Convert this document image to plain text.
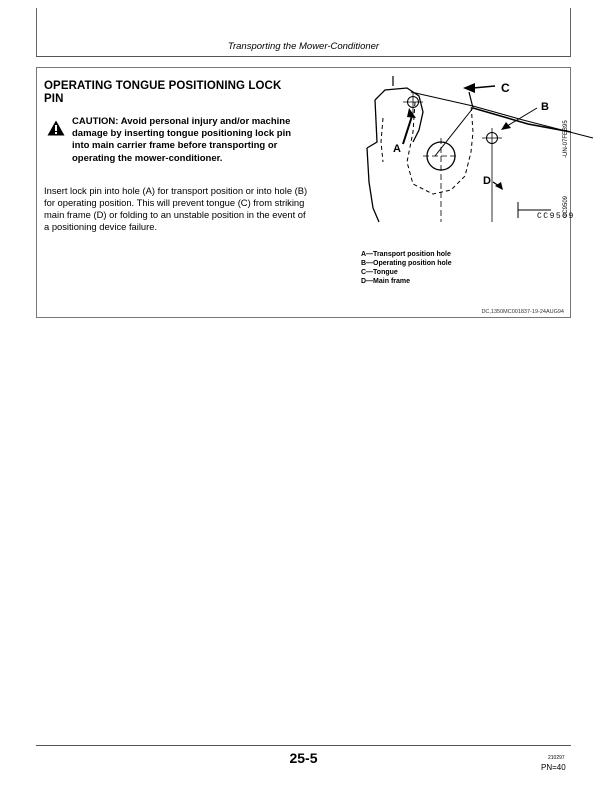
Transporting the Mower-Conditioner
OPERATING TONGUE POSITIONING LOCK PIN

CAUTION: Avoid personal injury and/or machine damage by inserting tongue positioning lock pin into main carrier frame before transporting or operating the mower-conditioner.

Insert lock pin into hole (A) for transport position or into hole (B) for operating position. This will prevent tongue (C) from striking main frame (D) or folding to an unstable position in the event of a positioning device failure.

A
B
C
D
CC9509
-UN-07FEB95
CC9509
A—Transport position hole
B—Operating position hole
C—Tongue
D—Main frame
DC,1350MC001837-19-24AUG94
25-5	210297
PN=40
